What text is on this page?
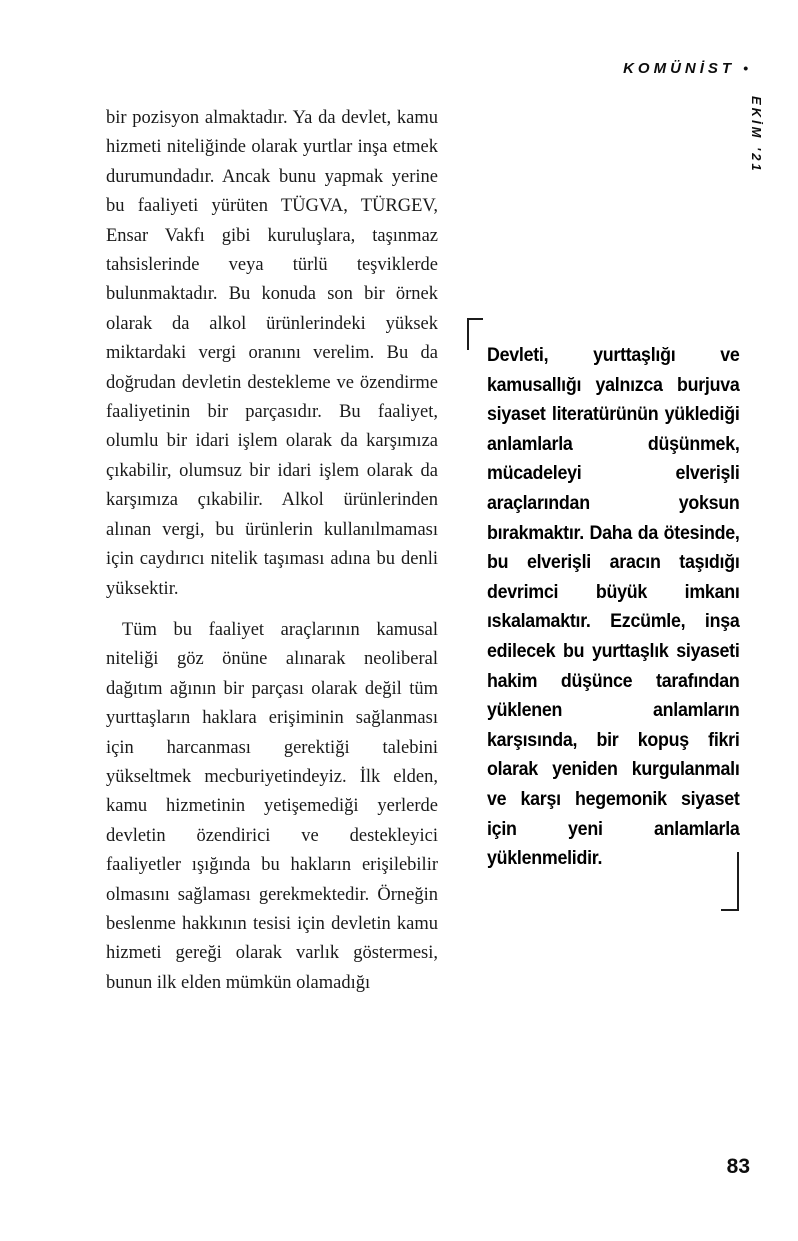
KOMÜNİST •
EKİM '21

bir pozisyon almaktadır. Ya da devlet, kamu hizmeti niteliğinde olarak yurtlar inşa etmek durumundadır. Ancak bunu yapmak yerine bu faaliyeti yürüten TÜGVA, TÜRGEV, Ensar Vakfı gibi kuruluşlara, taşınmaz tahsislerinde veya türlü teşviklerde bulunmaktadır. Bu konuda son bir örnek olarak da alkol ürünlerindeki yüksek miktardaki vergi oranını verelim. Bu da doğrudan devletin destekleme ve özendirme faaliyetinin bir parçasıdır. Bu faaliyet, olumlu bir idari işlem olarak da karşımıza çıkabilir, olumsuz bir idari işlem olarak da karşımıza çıkabilir. Alkol ürünlerinden alınan vergi, bu ürünlerin kullanılmaması için caydırıcı nitelik taşıması adına bu denli yüksektir.

Tüm bu faaliyet araçlarının kamusal niteliği göz önüne alınarak neoliberal dağıtım ağının bir parçası olarak değil tüm yurttaşların haklara erişiminin sağlanması için harcanması gerektiği talebini yükseltmek mecburiyetindeyiz. İlk elden, kamu hizmetinin yetişemediği yerlerde devletin özendirici ve destekleyici faaliyetler ışığında bu hakların erişilebilir olmasını sağlaması gerekmektedir. Örneğin beslenme hakkının tesisi için devletin kamu hizmeti gereği olarak varlık göstermesi, bunun ilk elden mümkün olamadığı

Devleti, yurttaşlığı ve kamusallığı yalnızca burjuva siyaset literatürünün yüklediği anlamlarla düşünmek, mücadeleyi elverişli araçlarından yoksun bırakmaktır. Daha da ötesinde, bu elverişli aracın taşıdığı devrimci büyük imkanı ıskalamaktır. Ezcümle, inşa edilecek bu yurttaşlık siyaseti hakim düşünce tarafından yüklenen anlamların karşısında, bir kopuş fikri olarak yeniden kurgulanmalı ve karşı hegemonik siyaset için yeni anlamlarla yüklenmelidir.
83
